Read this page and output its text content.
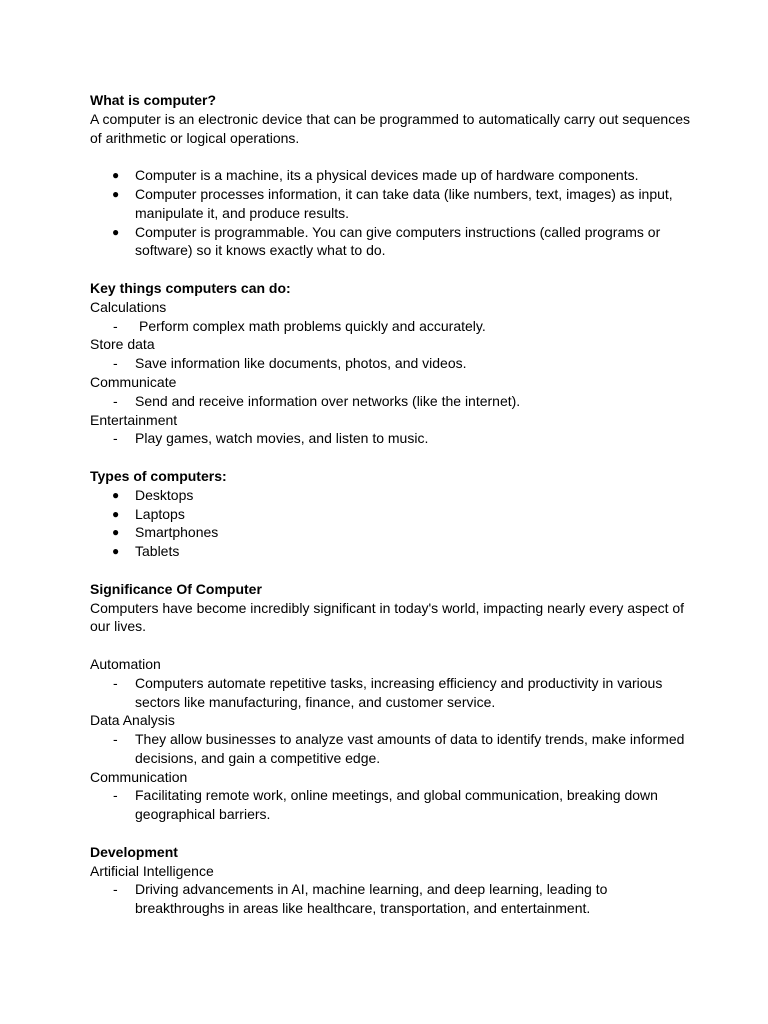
What is computer?

A computer is an electronic device that can be programmed to automatically carry out sequences of arithmetic or logical operations.

● Computer is a machine, its a physical devices made up of hardware components.
● Computer processes information, it can take data (like numbers, text, images) as input, manipulate it, and produce results.
● Computer is programmable. You can give computers instructions (called programs or software) so it knows exactly what to do.
Key things computers can do:
Calculations
- Perform complex math problems quickly and accurately.
Store data
- Save information like documents, photos, and videos.
Communicate
- Send and receive information over networks (like the internet).
Entertainment
- Play games, watch movies, and listen to music.
Types of computers:
● Desktops
● Laptops
● Smartphones
● Tablets
Significance Of Computer

Computers have become incredibly significant in today's world, impacting nearly every aspect of our lives.

Automation
- Computers automate repetitive tasks, increasing efficiency and productivity in various sectors like manufacturing, finance, and customer service.
Data Analysis
- They allow businesses to analyze vast amounts of data to identify trends, make informed decisions, and gain a competitive edge.
Communication
- Facilitating remote work, online meetings, and global communication, breaking down geographical barriers.
Development
Artificial Intelligence
- Driving advancements in AI, machine learning, and deep learning, leading to breakthroughs in areas like healthcare, transportation, and entertainment.
